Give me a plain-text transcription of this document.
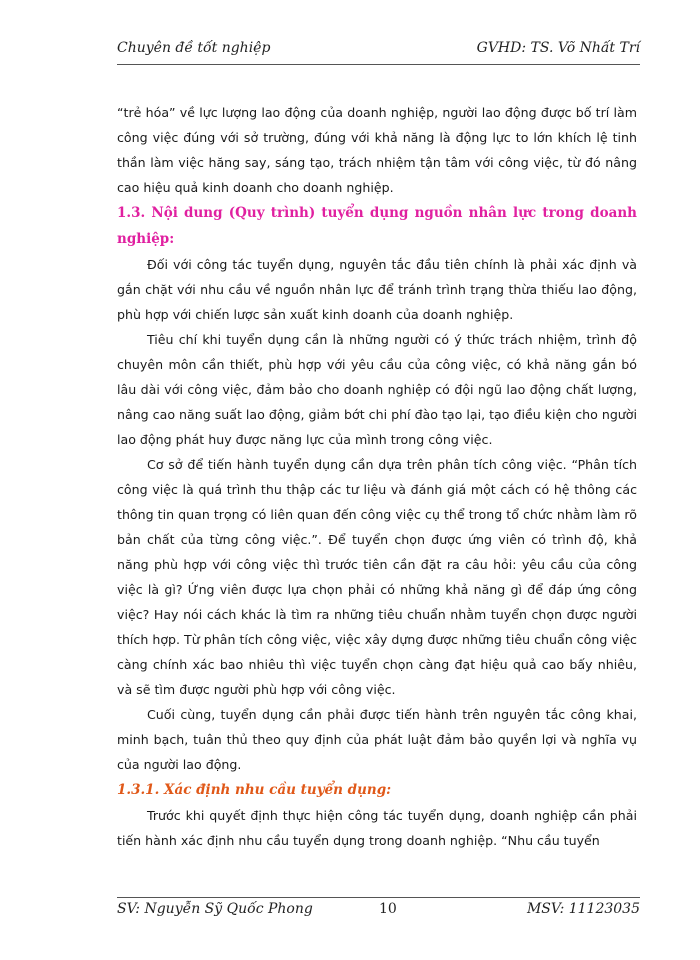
Chuyên đề tốt nghiệp	GVHD: TS. Võ Nhất Trí

“trẻ hóa” về lực lượng lao động của doanh nghiệp, người lao động được bố trí làm công việc đúng với sở trường, đúng với khả năng là động lực to lớn khích lệ tinh thần làm việc hăng say, sáng tạo, trách nhiệm tận tâm với công việc, từ đó nâng cao hiệu quả kinh doanh cho doanh nghiệp.

1.3. Nội dung (Quy trình) tuyển dụng nguồn nhân lực trong doanh nghiệp:

Đối với công tác tuyển dụng, nguyên tắc đầu tiên chính là phải xác định và gắn chặt với nhu cầu về nguồn nhân lực để tránh trình trạng thừa thiếu lao động, phù hợp với chiến lược sản xuất kinh doanh của doanh nghiệp.

Tiêu chí khi tuyển dụng cần là những người có ý thức trách nhiệm, trình độ chuyên môn cần thiết, phù hợp với yêu cầu của công việc, có khả năng gắn bó lâu dài với công việc, đảm bảo cho doanh nghiệp có đội ngũ lao động chất lượng, nâng cao năng suất lao động, giảm bớt chi phí đào tạo lại, tạo điều kiện cho người lao động phát huy được năng lực của mình trong công việc.

Cơ sở để tiến hành tuyển dụng cần dựa trên phân tích công việc. “Phân tích công việc là quá trình thu thập các tư liệu và đánh giá một cách có hệ thông các thông tin quan trọng có liên quan đến công việc cụ thể trong tổ chức nhằm làm rõ bản chất của từng công việc.”. Để tuyển chọn được ứng viên có trình độ, khả năng phù hợp với công việc thì trước tiên cần đặt ra câu hỏi: yêu cầu của công việc là gì? Ứng viên được lựa chọn phải có những khả năng gì để đáp ứng công việc? Hay nói cách khác là tìm ra những tiêu chuẩn nhằm tuyển chọn được người thích hợp. Từ phân tích công việc, việc xây dựng được những tiêu chuẩn công việc càng chính xác bao nhiêu thì việc tuyển chọn càng đạt hiệu quả cao bấy nhiêu, và sẽ tìm được người phù hợp với công việc.

Cuối cùng, tuyển dụng cần phải được tiến hành trên nguyên tắc công khai, minh bạch, tuân thủ theo quy định của phát luật đảm bảo quyền lợi và nghĩa vụ của người lao động.

1.3.1. Xác định nhu cầu tuyển dụng:

Trước khi quyết định thực hiện công tác tuyển dụng, doanh nghiệp cần phải tiến hành xác định nhu cầu tuyển dụng trong doanh nghiệp. “Nhu cầu tuyển

SV: Nguyễn Sỹ Quốc Phong	10	MSV: 11123035
